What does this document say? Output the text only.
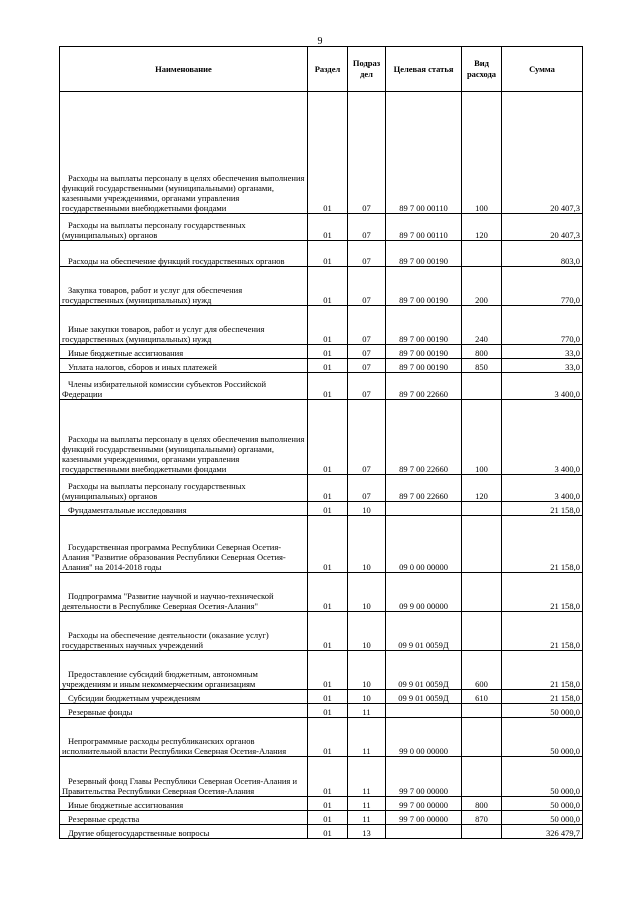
9
Наименование	Раздел	Подраз дел	Целевая статья	Вид расхода	Сумма
Расходы на выплаты персоналу в целях обеспечения выполнения функций государственными (муниципальными) органами, казенными учреждениями, органами управления государственными внебюджетными фондами	01	07	89 7 00 00110	100	20 407,3
Расходы на выплаты персоналу государственных (муниципальных) органов	01	07	89 7 00 00110	120	20 407,3
Расходы на обеспечение функций государственных органов	01	07	89 7 00 00190		803,0
Закупка товаров, работ и услуг для обеспечения государственных (муниципальных) нужд	01	07	89 7 00 00190	200	770,0
Иные закупки товаров, работ и услуг для обеспечения государственных (муниципальных) нужд	01	07	89 7 00 00190	240	770,0
Иные бюджетные ассигнования	01	07	89 7 00 00190	800	33,0
Уплата налогов, сборов и иных платежей	01	07	89 7 00 00190	850	33,0
Члены избирательной комиссии субъектов Российской Федерации	01	07	89 7 00 22660		3 400,0
Расходы на выплаты персоналу в целях обеспечения выполнения функций государственными (муниципальными) органами, казенными учреждениями, органами управления государственными внебюджетными фондами	01	07	89 7 00 22660	100	3 400,0
Расходы на выплаты персоналу государственных (муниципальных) органов	01	07	89 7 00 22660	120	3 400,0
Фундаментальные исследования	01	10			21 158,0
Государственная программа Республики Северная Осетия-Алания "Развитие образования Республики Северная Осетия-Алания" на 2014-2018 годы	01	10	09 0 00 00000		21 158,0
Подпрограмма "Развитие научной и научно-технической деятельности в Республике Северная Осетия-Алания"	01	10	09 9 00 00000		21 158,0
Расходы на обеспечение деятельности (оказание услуг) государственных научных учреждений	01	10	09 9 01 0059Д		21 158,0
Предоставление субсидий бюджетным, автономным учреждениям и иным некоммерческим организациям	01	10	09 9 01 0059Д	600	21 158,0
Субсидии бюджетным учреждениям	01	10	09 9 01 0059Д	610	21 158,0
Резервные фонды	01	11			50 000,0
Непрограммные расходы республиканских органов исполнительной власти Республики Северная Осетия-Алания	01	11	99 0 00 00000		50 000,0
Резервный фонд Главы Республики Северная Осетия-Алания и Правительства Республики Северная Осетия-Алания	01	11	99 7 00 00000		50 000,0
Иные бюджетные ассигнования	01	11	99 7 00 00000	800	50 000,0
Резервные средства	01	11	99 7 00 00000	870	50 000,0
Другие общегосударственные вопросы	01	13			326 479,7
